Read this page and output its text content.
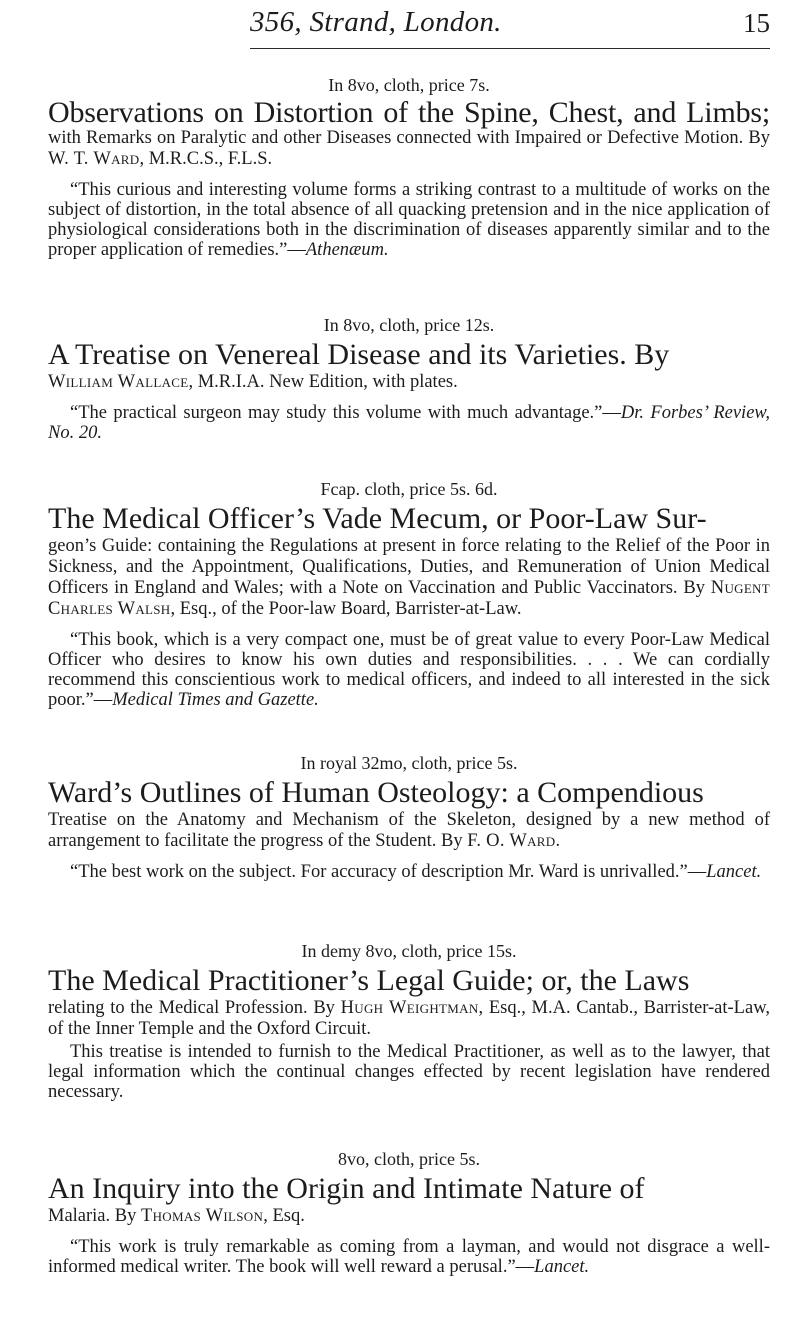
356, Strand, London.	15
In 8vo, cloth, price 7s.
Observations on Distortion of the Spine, Chest, and Limbs;
with Remarks on Paralytic and other Diseases connected with Impaired or Defective Motion. By W. T. Ward, M.R.C.S., F.L.S.
“This curious and interesting volume forms a striking contrast to a multitude of works on the subject of distortion, in the total absence of all quacking pretension and in the nice application of physiological considerations both in the discrimination of diseases apparently similar and to the proper application of remedies.”—Athenæum.
In 8vo, cloth, price 12s.
A Treatise on Venereal Disease and its Varieties. By
William Wallace, M.R.I.A. New Edition, with plates.
“The practical surgeon may study this volume with much advantage.”—Dr. Forbes’ Review, No. 20.
Fcap. cloth, price 5s. 6d.
The Medical Officer’s Vade Mecum, or Poor-Law Sur-
geon’s Guide: containing the Regulations at present in force relating to the Relief of the Poor in Sickness, and the Appointment, Qualifications, Duties, and Remuneration of Union Medical Officers in England and Wales; with a Note on Vaccination and Public Vaccinators. By Nugent Charles Walsh, Esq., of the Poor-law Board, Barrister-at-Law.
“This book, which is a very compact one, must be of great value to every Poor-Law Medical Officer who desires to know his own duties and responsibilities. . . . We can cordially recommend this conscientious work to medical officers, and indeed to all interested in the sick poor.”—Medical Times and Gazette.
In royal 32mo, cloth, price 5s.
Ward’s Outlines of Human Osteology: a Compendious
Treatise on the Anatomy and Mechanism of the Skeleton, designed by a new method of arrangement to facilitate the progress of the Student. By F. O. Ward.
“The best work on the subject. For accuracy of description Mr. Ward is unrivalled.”—Lancet.
In demy 8vo, cloth, price 15s.
The Medical Practitioner’s Legal Guide; or, the Laws
relating to the Medical Profession. By Hugh Weightman, Esq., M.A. Cantab., Barrister-at-Law, of the Inner Temple and the Oxford Circuit.
This treatise is intended to furnish to the Medical Practitioner, as well as to the lawyer, that legal information which the continual changes effected by recent legislation have rendered necessary.
8vo, cloth, price 5s.
An Inquiry into the Origin and Intimate Nature of
Malaria. By Thomas Wilson, Esq.
“This work is truly remarkable as coming from a layman, and would not disgrace a well-informed medical writer. The book will well reward a perusal.”—Lancet.
